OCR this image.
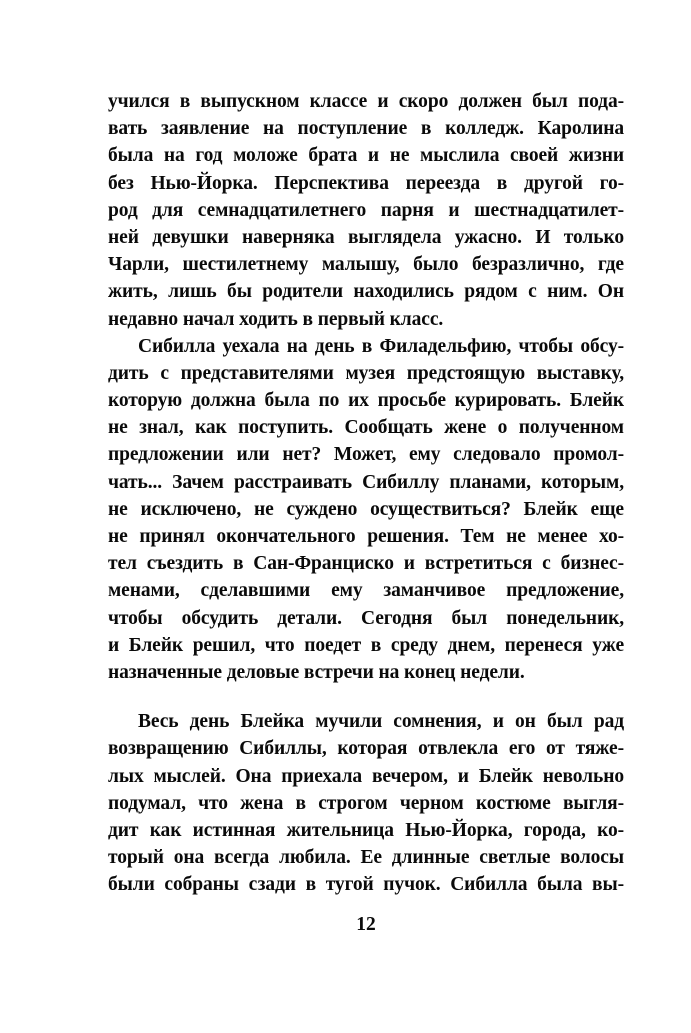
учился в выпускном классе и скоро должен был пода-
вать заявление на поступление в колледж. Каролина
была на год моложе брата и не мыслила своей жизни
без Нью-Йорка. Перспектива переезда в другой го-
род для семнадцатилетнего парня и шестнадцатилет-
ней девушки наверняка выглядела ужасно. И только
Чарли, шестилетнему малышу, было безразлично, где
жить, лишь бы родители находились рядом с ним. Он
недавно начал ходить в первый класс.
Сибилла уехала на день в Филадельфию, чтобы обсу-
дить с представителями музея предстоящую выставку,
которую должна была по их просьбе курировать. Блейк
не знал, как поступить. Сообщать жене о полученном
предложении или нет? Может, ему следовало промол-
чать... Зачем расстраивать Сибиллу планами, которым,
не исключено, не суждено осуществиться? Блейк еще
не принял окончательного решения. Тем не менее хо-
тел съездить в Сан-Франциско и встретиться с бизнес-
менами, сделавшими ему заманчивое предложение,
чтобы обсудить детали. Сегодня был понедельник,
и Блейк решил, что поедет в среду днем, перенеся уже
назначенные деловые встречи на конец недели.
Весь день Блейка мучили сомнения, и он был рад
возвращению Сибиллы, которая отвлекла его от тяже-
лых мыслей. Она приехала вечером, и Блейк невольно
подумал, что жена в строгом черном костюме выгля-
дит как истинная жительница Нью-Йорка, города, ко-
торый она всегда любила. Ее длинные светлые волосы
были собраны сзади в тугой пучок. Сибилла была вы-
12
